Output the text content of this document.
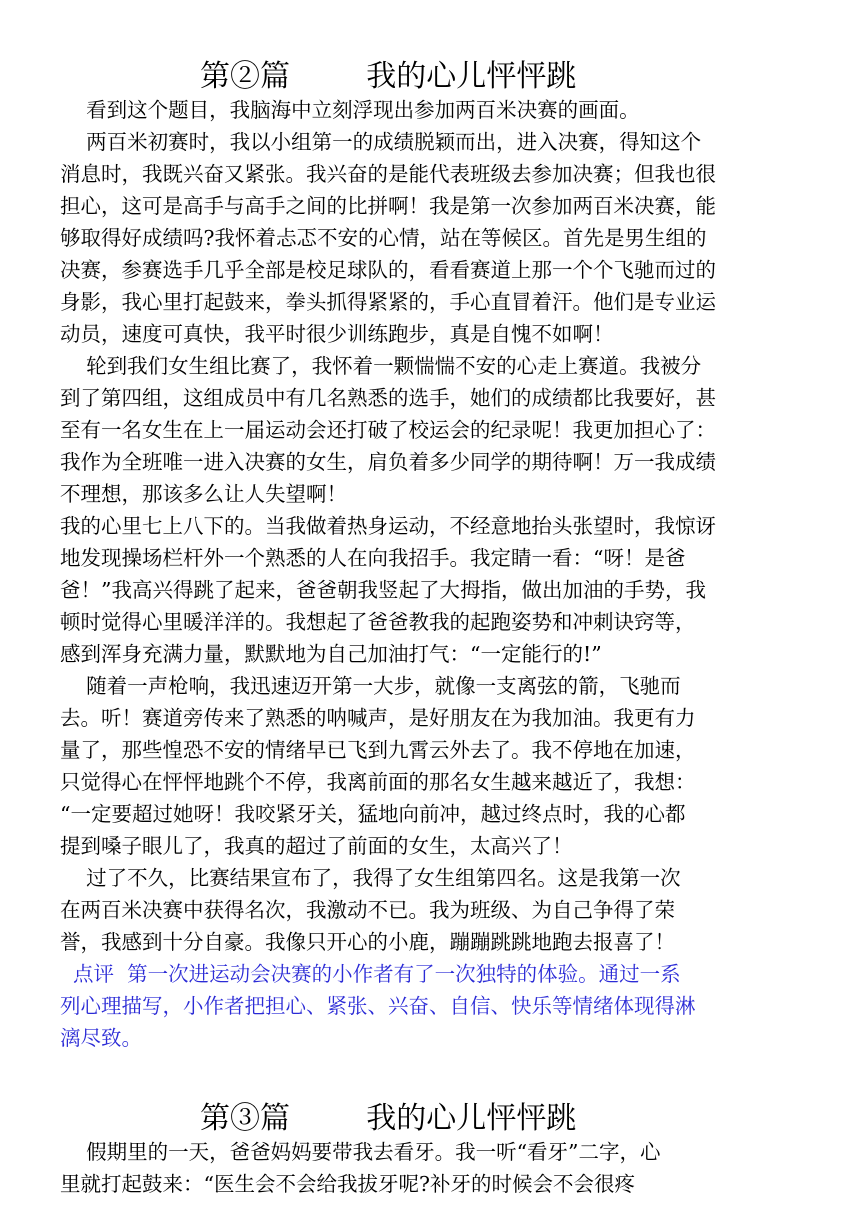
第②篇        我的心儿怦怦跳
看到这个题目，我脑海中立刻浮现出参加两百米决赛的画面。
两百米初赛时，我以小组第一的成绩脱颖而出，进入决赛，得知这个
消息时，我既兴奋又紧张。我兴奋的是能代表班级去参加决赛；但我也很
担心，这可是高手与高手之间的比拼啊！我是第一次参加两百米决赛，能
够取得好成绩吗?我怀着忐忑不安的心情，站在等候区。首先是男生组的
决赛，参赛选手几乎全部是校足球队的，看看赛道上那一个个飞驰而过的
身影，我心里打起鼓来，拳头抓得紧紧的，手心直冒着汗。他们是专业运
动员，速度可真快，我平时很少训练跑步，真是自愧不如啊！
轮到我们女生组比赛了，我怀着一颗惴惴不安的心走上赛道。我被分
到了第四组，这组成员中有几名熟悉的选手，她们的成绩都比我要好，甚
至有一名女生在上一届运动会还打破了校运会的纪录呢！我更加担心了：
我作为全班唯一进入决赛的女生，肩负着多少同学的期待啊！万一我成绩
不理想，那该多么让人失望啊！
我的心里七上八下的。当我做着热身运动，不经意地抬头张望时，我惊讶
地发现操场栏杆外一个熟悉的人在向我招手。我定睛一看：“呀！是爸
爸！”我高兴得跳了起来，爸爸朝我竖起了大拇指，做出加油的手势，我
顿时觉得心里暖洋洋的。我想起了爸爸教我的起跑姿势和冲刺诀窍等，
感到浑身充满力量，默默地为自己加油打气：“一定能行的!”
随着一声枪响，我迅速迈开第一大步，就像一支离弦的箭，飞驰而
去。听！赛道旁传来了熟悉的呐喊声，是好朋友在为我加油。我更有力
量了，那些惶恐不安的情绪早已飞到九霄云外去了。我不停地在加速，
只觉得心在怦怦地跳个不停，我离前面的那名女生越来越近了，我想：
“一定要超过她呀！我咬紧牙关，猛地向前冲，越过终点时，我的心都
提到嗓子眼儿了，我真的超过了前面的女生，太高兴了！
过了不久，比赛结果宣布了，我得了女生组第四名。这是我第一次
在两百米决赛中获得名次，我激动不已。我为班级、为自己争得了荣
誉，我感到十分自豪。我像只开心的小鹿，蹦蹦跳跳地跑去报喜了！
点评  第一次进运动会决赛的小作者有了一次独特的体验。通过一系
列心理描写，小作者把担心、紧张、兴奋、自信、快乐等情绪体现得淋
漓尽致。
第③篇        我的心儿怦怦跳
假期里的一天，爸爸妈妈要带我去看牙。我一听“看牙”二字，心
里就打起鼓来：“医生会不会给我拔牙呢?补牙的时候会不会很疼
